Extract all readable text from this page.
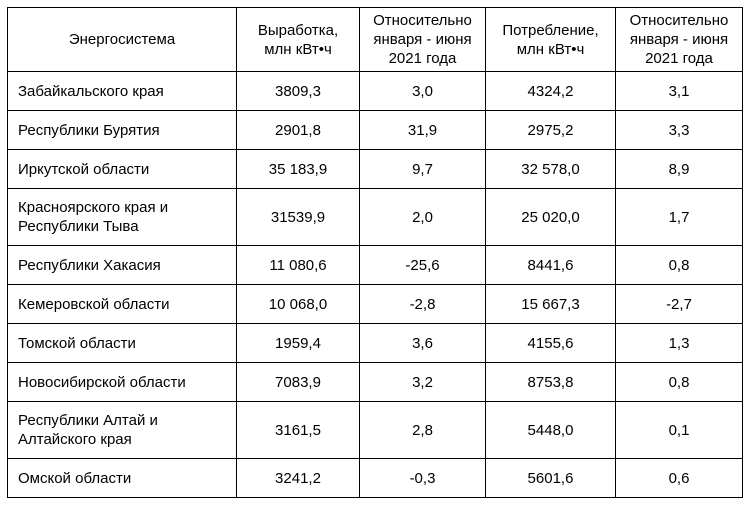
Энергосистема	Выработка, млн кВт•ч	Относительно января - июня 2021 года	Потребление, млн кВт•ч	Относительно января - июня 2021 года
Забайкальского края	3809,3	3,0	4324,2	3,1
Республики Бурятия	2901,8	31,9	2975,2	3,3
Иркутской области	35 183,9	9,7	32 578,0	8,9
Красноярского края и Республики Тыва	31539,9	2,0	25 020,0	1,7
Республики Хакасия	11 080,6	-25,6	8441,6	0,8
Кемеровской области	10 068,0	-2,8	15 667,3	-2,7
Томской области	1959,4	3,6	4155,6	1,3
Новосибирской области	7083,9	3,2	8753,8	0,8
Республики Алтай и Алтайского края	3161,5	2,8	5448,0	0,1
Омской области	3241,2	-0,3	5601,6	0,6
